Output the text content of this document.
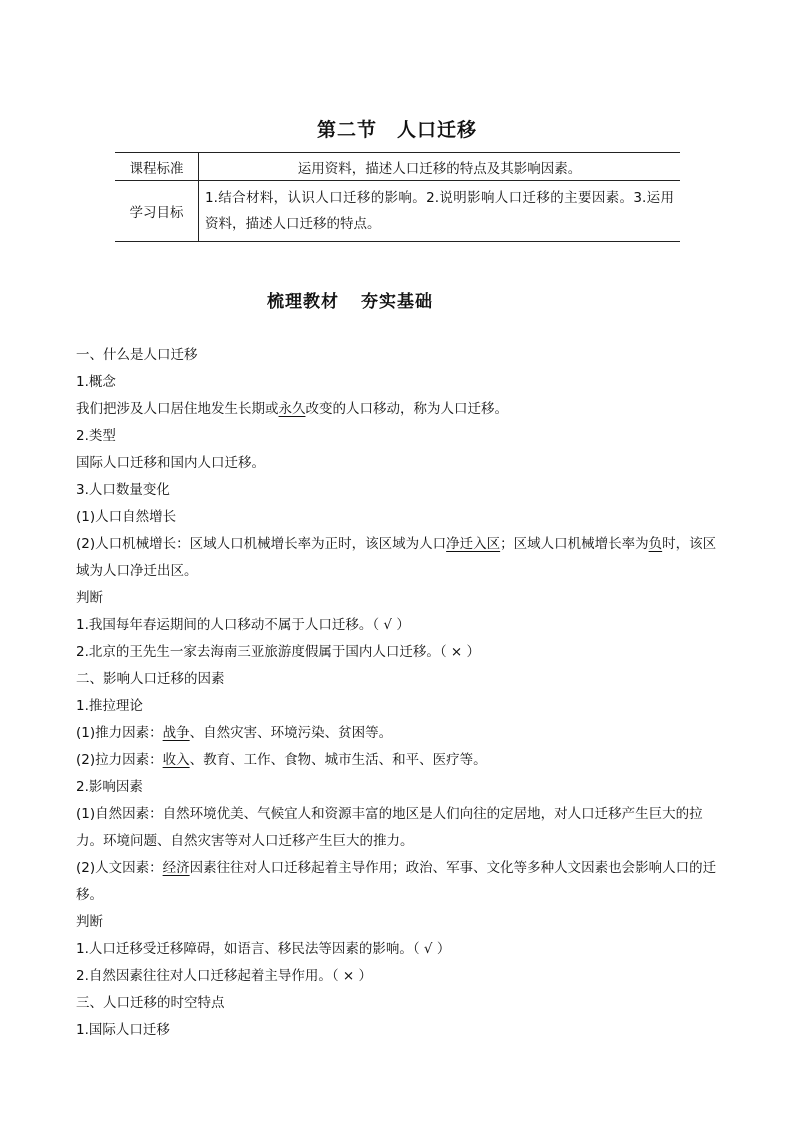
第二节　人口迁移
课程标准	运用资料，描述人口迁移的特点及其影响因素。
学习目标	1.结合材料，认识人口迁移的影响。2.说明影响人口迁移的主要因素。3.运用资料，描述人口迁移的特点。
梳理教材 夯实基础

一、什么是人口迁移

1.概念

我们把涉及人口居住地发生长期或永久改变的人口移动，称为人口迁移。

2.类型

国际人口迁移和国内人口迁移。

3.人口数量变化

(1)人口自然增长

(2)人口机械增长：区域人口机械增长率为正时，该区域为人口净迁入区；区域人口机械增长率为负时，该区域为人口净迁出区。

判断

1.我国每年春运期间的人口移动不属于人口迁移。（ √ ）

2.北京的王先生一家去海南三亚旅游度假属于国内人口迁移。（ × ）

二、影响人口迁移的因素

1.推拉理论

(1)推力因素：战争、自然灾害、环境污染、贫困等。

(2)拉力因素：收入、教育、工作、食物、城市生活、和平、医疗等。

2.影响因素

(1)自然因素：自然环境优美、气候宜人和资源丰富的地区是人们向往的定居地，对人口迁移产生巨大的拉力。环境问题、自然灾害等对人口迁移产生巨大的推力。

(2)人文因素：经济因素往往对人口迁移起着主导作用；政治、军事、文化等多种人文因素也会影响人口的迁移。

判断

1.人口迁移受迁移障碍，如语言、移民法等因素的影响。（ √ ）

2.自然因素往往对人口迁移起着主导作用。（ × ）

三、人口迁移的时空特点

1.国际人口迁移
